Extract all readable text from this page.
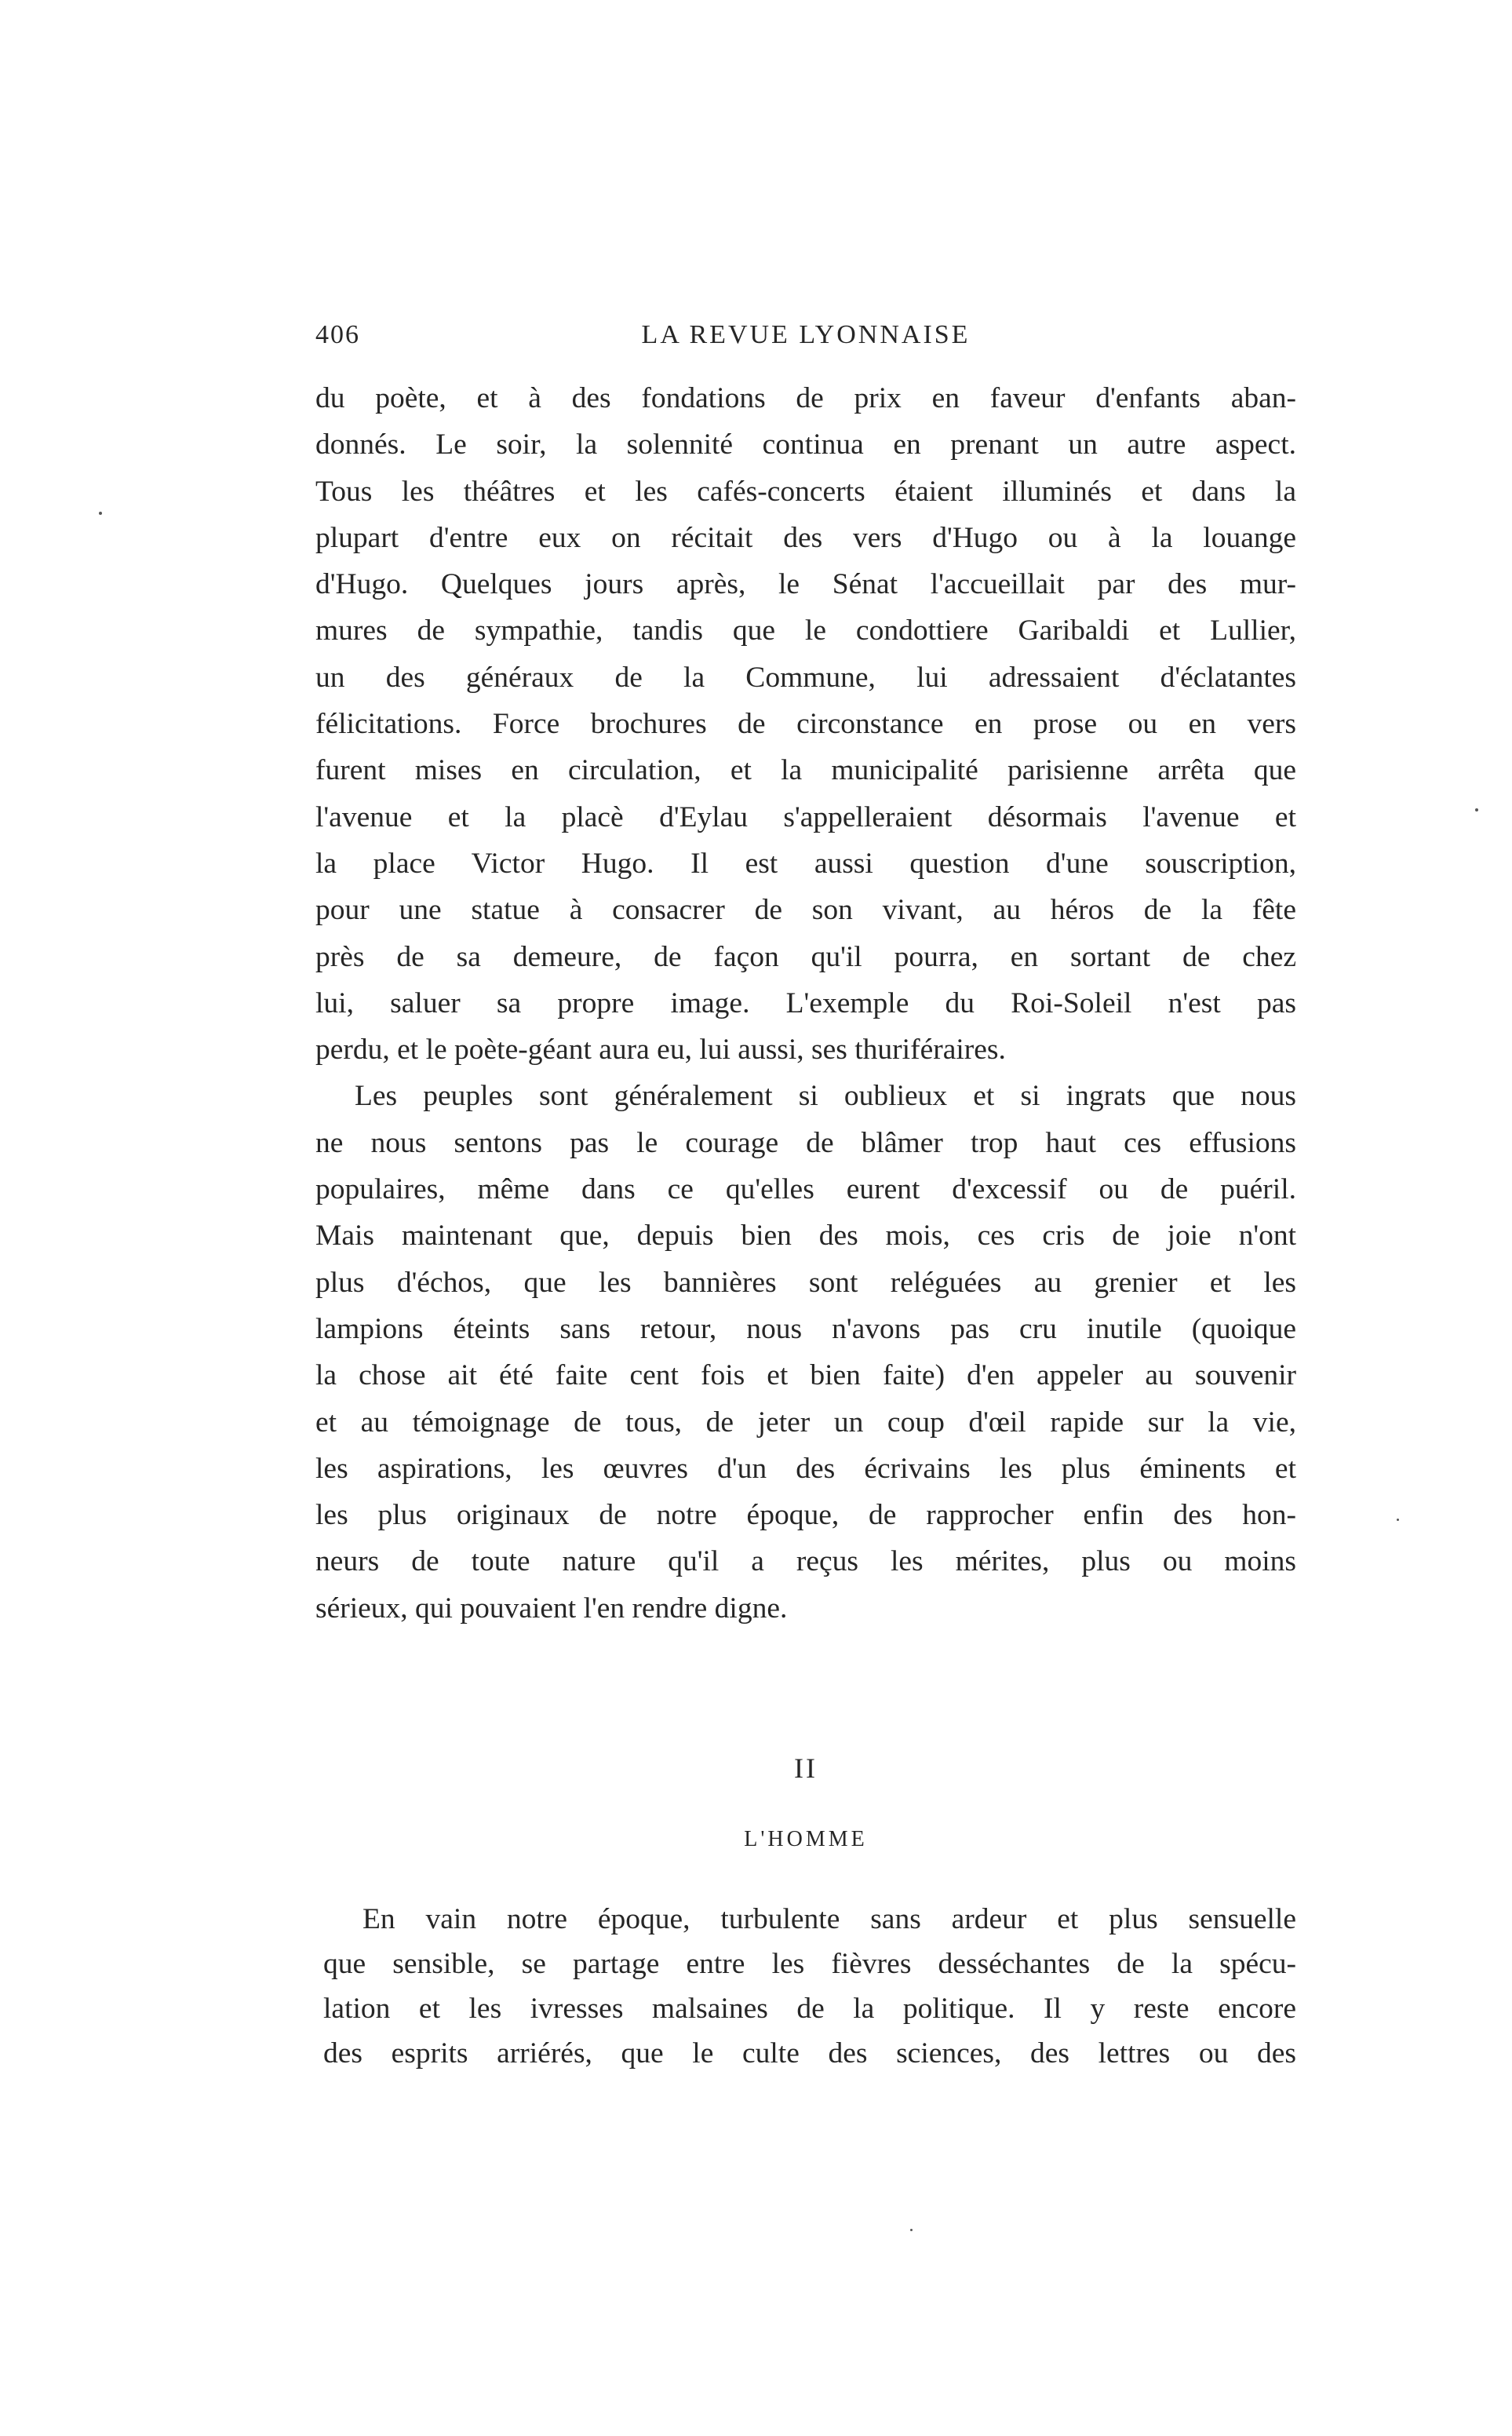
406	LA REVUE LYONNAISE

du poète, et à des fondations de prix en faveur d'enfants aban-
donnés. Le soir, la solennité continua en prenant un autre aspect.
Tous les théâtres et les cafés-concerts étaient illuminés et dans la
plupart d'entre eux on récitait des vers d'Hugo ou à la louange
d'Hugo. Quelques jours après, le Sénat l'accueillait par des mur-
mures de sympathie, tandis que le condottiere Garibaldi et Lullier,
un des généraux de la Commune, lui adressaient d'éclatantes
félicitations. Force brochures de circonstance en prose ou en vers
furent mises en circulation, et la municipalité parisienne arrêta que
l'avenue et la placè d'Eylau s'appelleraient désormais l'avenue et
la place Victor Hugo. Il est aussi question d'une souscription,
pour une statue à consacrer de son vivant, au héros de la fête
près de sa demeure, de façon qu'il pourra, en sortant de chez
lui, saluer sa propre image. L'exemple du Roi-Soleil n'est pas
perdu, et le poète-géant aura eu, lui aussi, ses thuriféraires.

Les peuples sont généralement si oublieux et si ingrats que nous
ne nous sentons pas le courage de blâmer trop haut ces effusions
populaires, même dans ce qu'elles eurent d'excessif ou de puéril.
Mais maintenant que, depuis bien des mois, ces cris de joie n'ont
plus d'échos, que les bannières sont reléguées au grenier et les
lampions éteints sans retour, nous n'avons pas cru inutile (quoique
la chose ait été faite cent fois et bien faite) d'en appeler au souvenir
et au témoignage de tous, de jeter un coup d'œil rapide sur la vie,
les aspirations, les œuvres d'un des écrivains les plus éminents et
les plus originaux de notre époque, de rapprocher enfin des hon-
neurs de toute nature qu'il a reçus les mérites, plus ou moins
sérieux, qui pouvaient l'en rendre digne.

II
L'HOMME

En vain notre époque, turbulente sans ardeur et plus sensuelle
que sensible, se partage entre les fièvres desséchantes de la spécu-
lation et les ivresses malsaines de la politique. Il y reste encore
des esprits arriérés, que le culte des sciences, des lettres ou des
